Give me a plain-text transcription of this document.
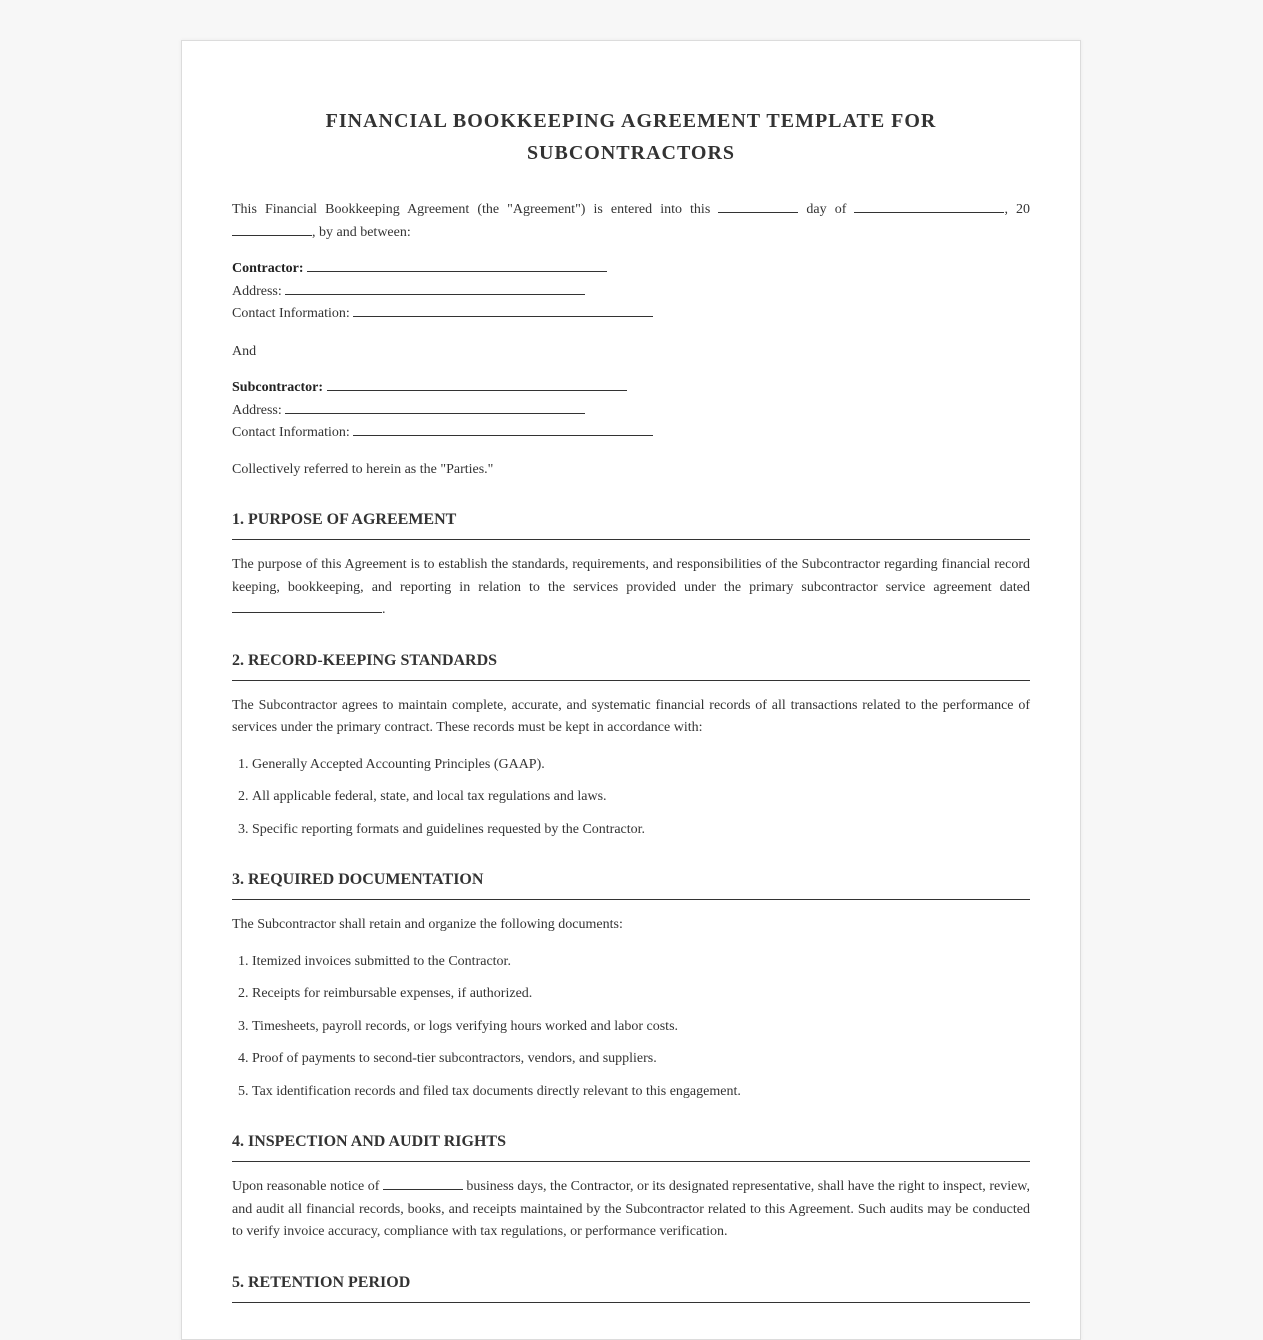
FINANCIAL BOOKKEEPING AGREEMENT TEMPLATE FOR
SUBCONTRACTORS

This Financial Bookkeeping Agreement (the "Agreement") is entered into this	day of	, 20

, by and between:

Contractor:
Address:
Contact Information:

And

Subcontractor:
Address:
Contact Information:

Collectively referred to herein as the "Parties."

1. PURPOSE OF AGREEMENT

The purpose of this Agreement is to establish the standards, requirements, and responsibilities of the Subcontractor regarding financial record keeping, bookkeeping, and reporting in relation to the services provided under the primary subcontractor service agreement dated .

2. RECORD-KEEPING STANDARDS

The Subcontractor agrees to maintain complete, accurate, and systematic financial records of all transactions related to the performance of services under the primary contract. These records must be kept in accordance with:

1. Generally Accepted Accounting Principles (GAAP).
2. All applicable federal, state, and local tax regulations and laws.
3. Specific reporting formats and guidelines requested by the Contractor.
3. REQUIRED DOCUMENTATION

The Subcontractor shall retain and organize the following documents:

1. Itemized invoices submitted to the Contractor.
2. Receipts for reimbursable expenses, if authorized.
3. Timesheets, payroll records, or logs verifying hours worked and labor costs.
4. Proof of payments to second-tier subcontractors, vendors, and suppliers.
5. Tax identification records and filed tax documents directly relevant to this engagement.
4. INSPECTION AND AUDIT RIGHTS

Upon reasonable notice of	business days, the Contractor, or its designated representative, shall have the right to inspect, review, and audit all financial records, books, and receipts maintained by the Subcontractor related to this Agreement. Such audits may be conducted to verify invoice accuracy, compliance with tax regulations, or performance verification.

5. RETENTION PERIOD
